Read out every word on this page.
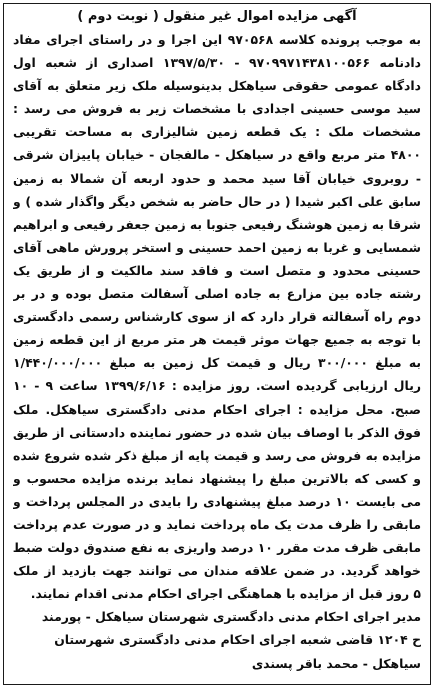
آگهی مزایده اموال غیر منقول ( نوبت دوم )
به موجب پرونده کلاسه ۹۷۰۵۶۸ این اجرا و در راستای اجرای مفاد
دادنامه ۹۷۰۹۹۷۱۴۳۸۱۰۰۵۶۶ - ۱۳۹۷/۵/۳۰ اصداری از شعبه اول
دادگاه عمومی حقوقی سیاهکل بدینوسیله ملک زیر متعلق به آقای
سید موسی حسینی اجدادی با مشخصات زیر به فروش می رسد :
مشخصات ملک : یک قطعه زمین شالیزاری به مساحت تقریبی
۴۸۰۰ متر مربع واقع در سیاهکل - مالفجان - خیابان پاییزان شرقی
- روبروی خیابان آقا سید محمد و حدود اربعه آن شمالا به زمین
سابق علی اکبر شیدا ( در حال حاضر به شخص دیگر واگذار شده ) و
شرقا به زمین هوشنگ رفیعی جنوبا به زمین جعفر رفیعی و ابراهیم
شمسایی و غربا به زمین احمد حسینی و استخر پرورش ماهی آقای
حسینی محدود و متصل است و فاقد سند مالکیت و از طریق یک
رشته جاده بین مزارع به جاده اصلی آسفالت متصل بوده و در بر
دوم راه آسفالته قرار دارد که از سوی کارشناس رسمی دادگستری
با توجه به جمیع جهات موثر قیمت هر متر مربع از این قطعه زمین
به مبلغ ۳۰۰/۰۰۰ ریال و قیمت کل زمین به مبلغ ۱/۴۴۰/۰۰۰/۰۰۰
ریال ارزیابی گردیده است. روز مزایده : ۱۳۹۹/۶/۱۶ ساعت ۹ - ۱۰
صبح. محل مزایده : اجرای احکام مدنی دادگستری سیاهکل. ملک
فوق الذکر با اوصاف بیان شده در حضور نماینده دادستانی از طریق
مزایده به فروش می رسد و قیمت پایه از مبلغ ذکر شده شروع شده
و کسی که بالاترین مبلغ را پیشنهاد نماید برنده مزایده محسوب و
می بایست ۱۰ درصد مبلغ پیشنهادی را بایدی در المجلس پرداخت و
مابقی را ظرف مدت یک ماه پرداخت نماید و در صورت عدم پرداخت
مابقی ظرف مدت مقرر ۱۰ درصد واریزی به نفع صندوق دولت ضبط
خواهد گردید. در ضمن علاقه مندان می توانند جهت بازدید از ملک
۵ روز قبل از مزایده با هماهنگی اجرای احکام مدنی اقدام نمایند.
مدیر اجرای احکام مدنی دادگستری شهرستان سیاهکل - پورمند
ح ۱۲۰۴ قاضی شعبه اجرای احکام مدنی دادگستری شهرستان
سیاهکل - محمد باقر پسندی
